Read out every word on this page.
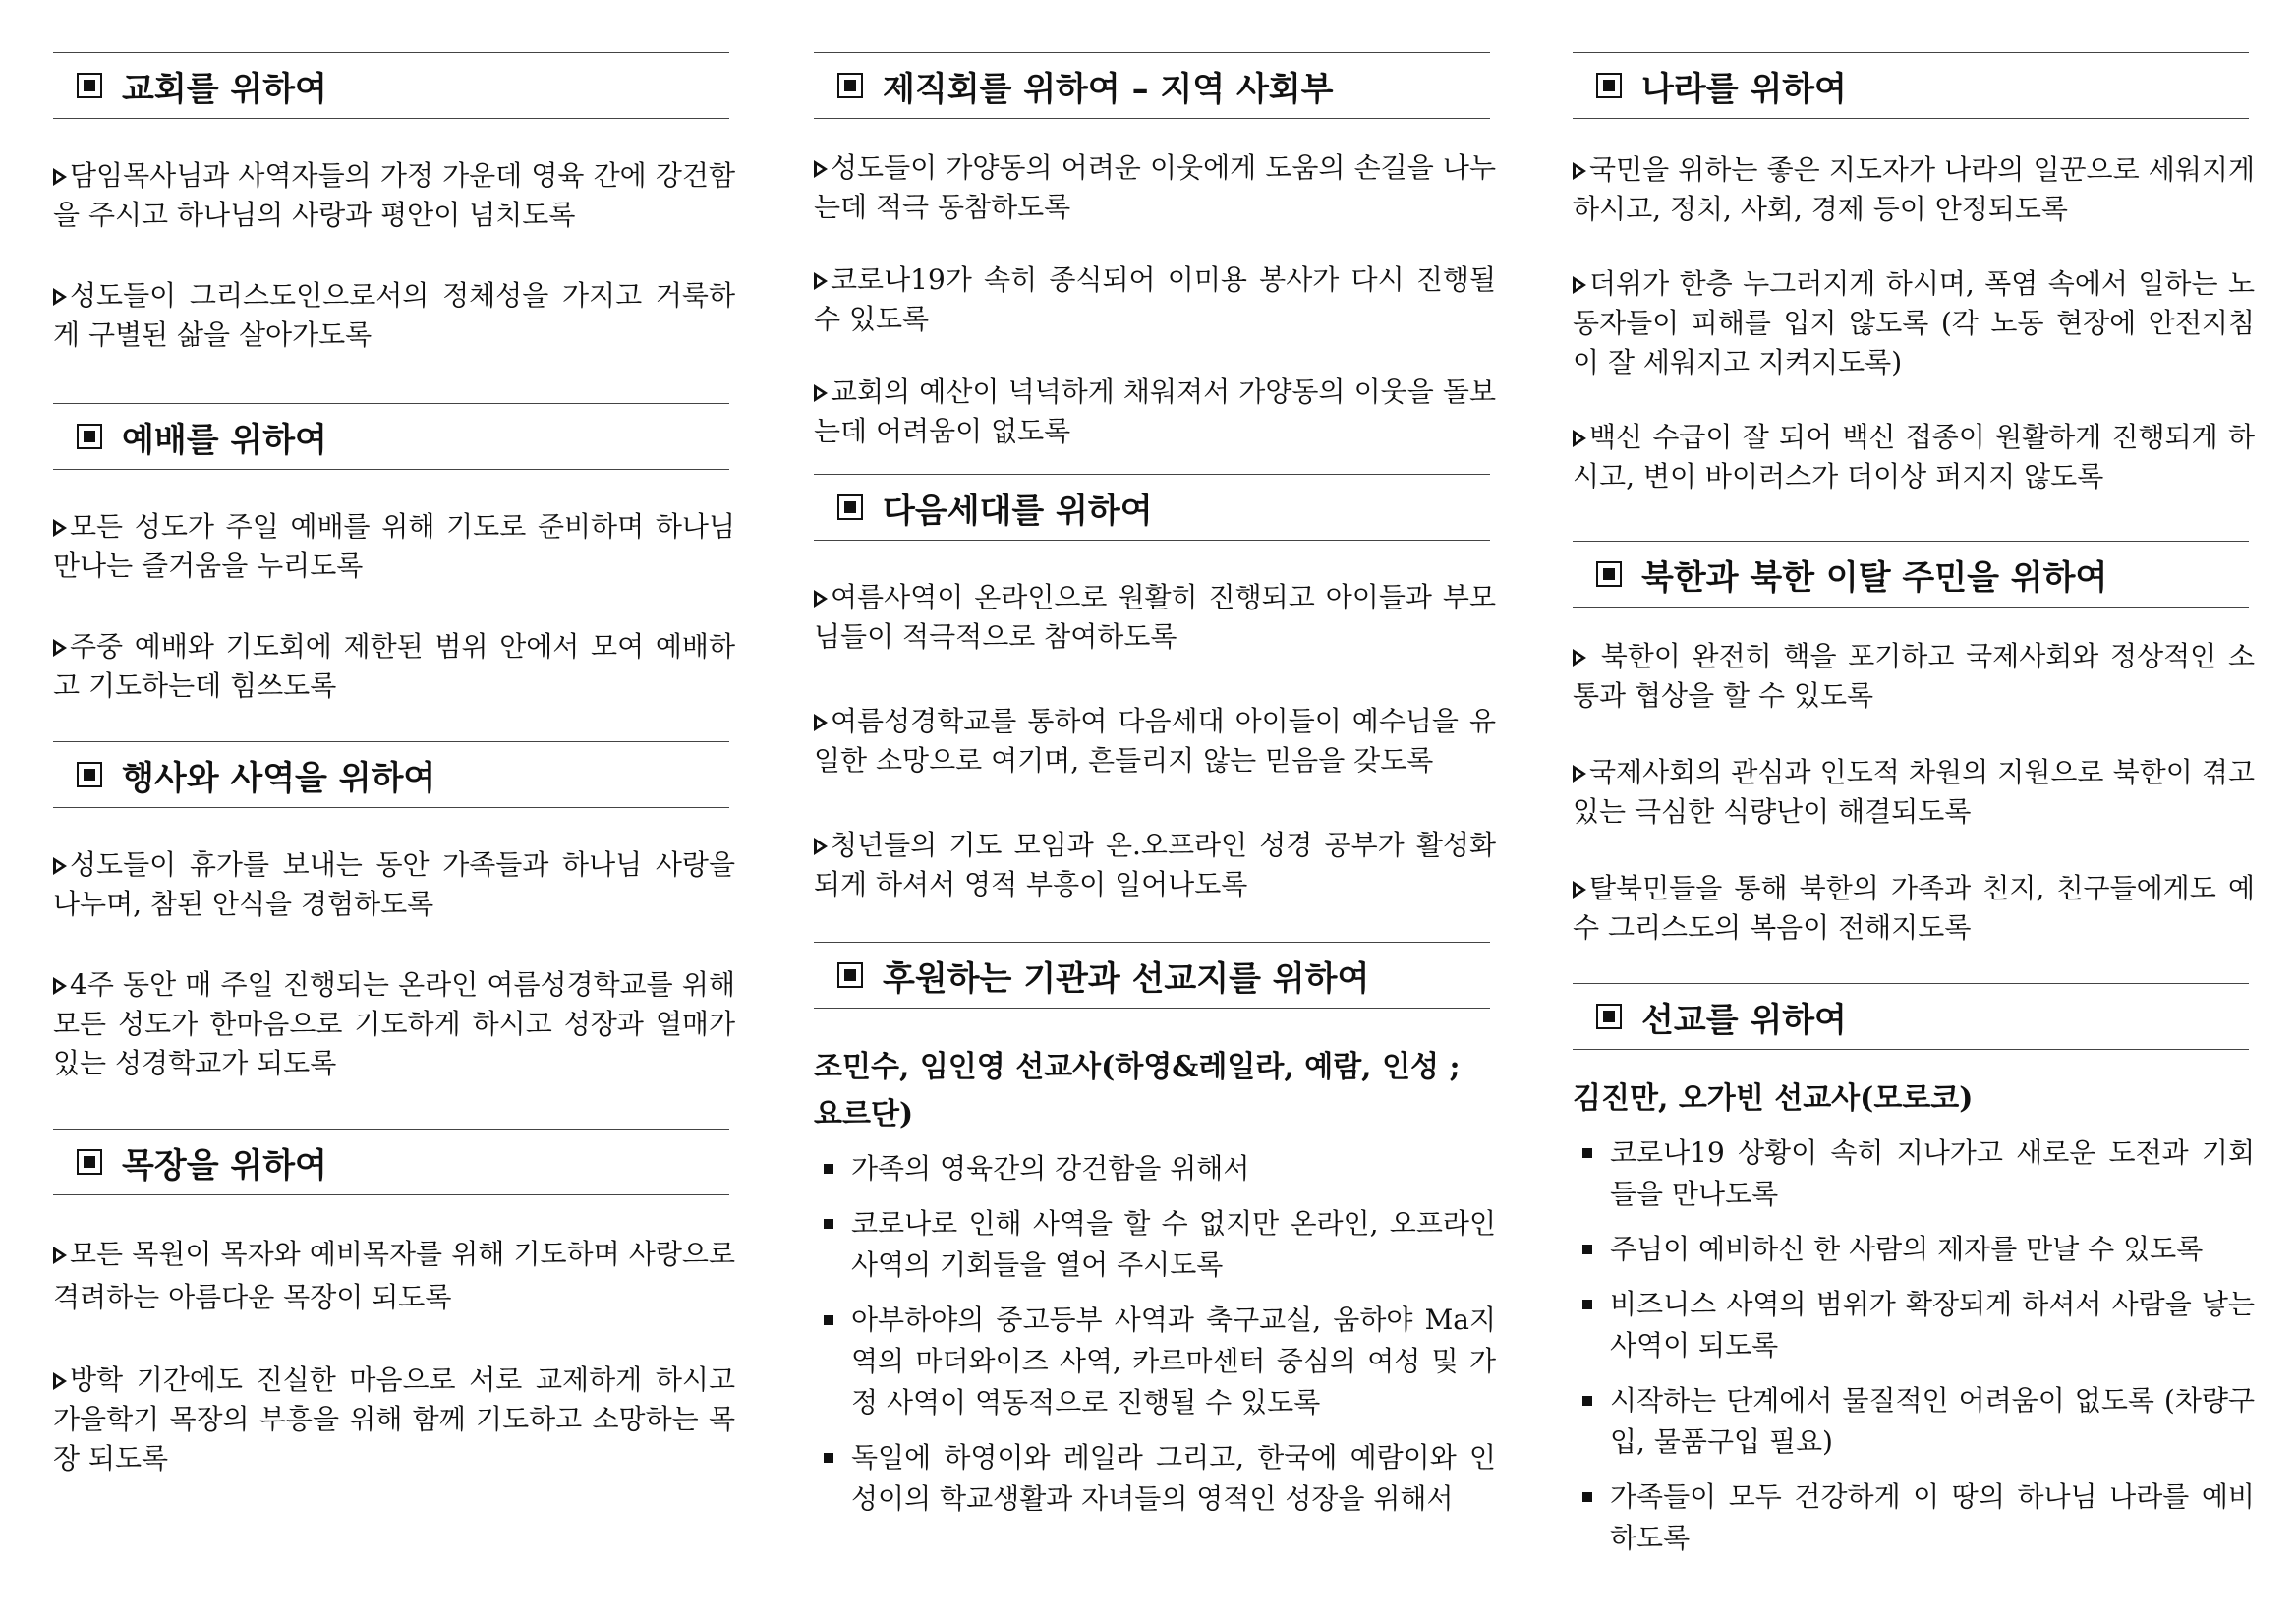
교회를 위하여
담임목사님과 사역자들의 가정 가운데 영육 간에 강건함을 주시고 하나님의 사랑과 평안이 넘치도록
성도들이 그리스도인으로서의 정체성을 가지고 거룩하게 구별된 삶을 살아가도록
예배를 위하여
모든 성도가 주일 예배를 위해 기도로 준비하며 하나님 만나는 즐거움을 누리도록
주중 예배와 기도회에 제한된 범위 안에서 모여 예배하고 기도하는데 힘쓰도록
행사와 사역을 위하여
성도들이 휴가를 보내는 동안 가족들과 하나님 사랑을 나누며, 참된 안식을 경험하도록
4주 동안 매 주일 진행되는 온라인 여름성경학교를 위해 모든 성도가 한마음으로 기도하게 하시고 성장과 열매가 있는 성경학교가 되도록
목장을 위하여
모든 목원이 목자와 예비목자를 위해 기도하며 사랑으로 격려하는 아름다운 목장이 되도록
방학 기간에도 진실한 마음으로 서로 교제하게 하시고 가을학기 목장의 부흥을 위해 함께 기도하고 소망하는 목장 되도록
제직회를 위하여 – 지역 사회부
성도들이 가양동의 어려운 이웃에게 도움의 손길을 나누는데 적극 동참하도록
코로나19가 속히 종식되어 이미용 봉사가 다시 진행될 수 있도록
교회의 예산이 넉넉하게 채워져서 가양동의 이웃을 돌보는데 어려움이 없도록
다음세대를 위하여
여름사역이 온라인으로 원활히 진행되고 아이들과 부모님들이 적극적으로 참여하도록
여름성경학교를 통하여 다음세대 아이들이 예수님을 유일한 소망으로 여기며, 흔들리지 않는 믿음을 갖도록
청년들의 기도 모임과 온.오프라인 성경 공부가 활성화되게 하셔서 영적 부흥이 일어나도록
후원하는 기관과 선교지를 위하여
조민수, 임인영 선교사(하영&레일라, 예람, 인성 ; 요르단)
가족의 영육간의 강건함을 위해서
코로나로 인해 사역을 할 수 없지만 온라인, 오프라인 사역의 기회들을 열어 주시도록
아부하야의 중고등부 사역과 축구교실, 움하야 Ma지역의 마더와이즈 사역, 카르마센터 중심의 여성 및 가정 사역이 역동적으로 진행될 수 있도록
독일에 하영이와 레일라 그리고, 한국에 예람이와 인성이의 학교생활과 자녀들의 영적인 성장을 위해서
나라를 위하여
국민을 위하는 좋은 지도자가 나라의 일꾼으로 세워지게 하시고, 정치, 사회, 경제 등이 안정되도록
더위가 한층 누그러지게 하시며, 폭염 속에서 일하는 노동자들이 피해를 입지 않도록 (각 노동 현장에 안전지침이 잘 세워지고 지켜지도록)
백신 수급이 잘 되어 백신 접종이 원활하게 진행되게 하시고, 변이 바이러스가 더이상 퍼지지 않도록
북한과 북한 이탈 주민을 위하여
북한이 완전히 핵을 포기하고 국제사회와 정상적인 소통과 협상을 할 수 있도록
국제사회의 관심과 인도적 차원의 지원으로 북한이 겪고 있는 극심한 식량난이 해결되도록
탈북민들을 통해 북한의 가족과 친지, 친구들에게도 예수 그리스도의 복음이 전해지도록
선교를 위하여
김진만, 오가빈 선교사(모로코)
코로나19 상황이 속히 지나가고 새로운 도전과 기회들을 만나도록
주님이 예비하신 한 사람의 제자를 만날 수 있도록
비즈니스 사역의 범위가 확장되게 하셔서 사람을 낳는 사역이 되도록
시작하는 단계에서 물질적인 어려움이 없도록 (차량구입, 물품구입 필요)
가족들이 모두 건강하게 이 땅의 하나님 나라를 예비하도록
